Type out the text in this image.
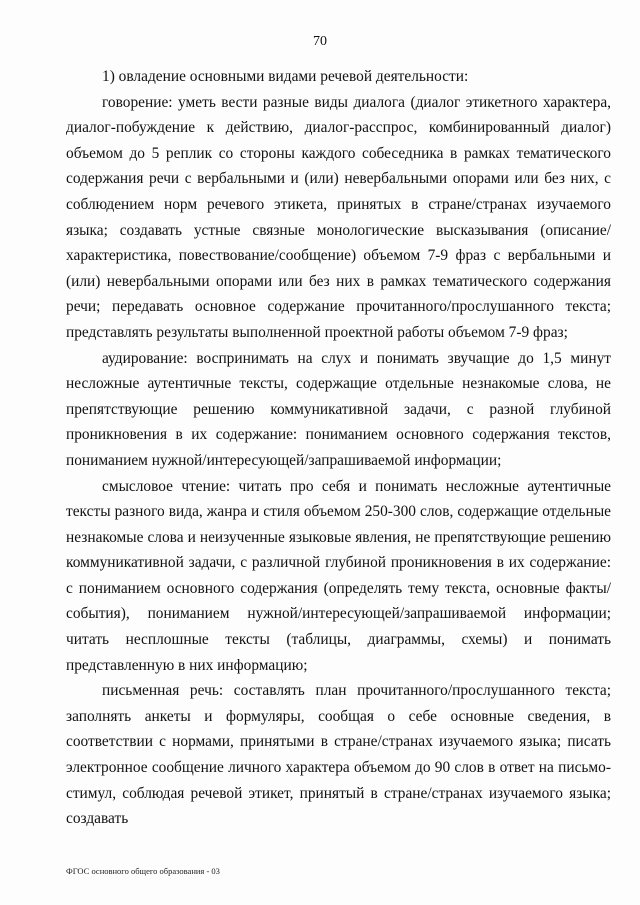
70

1) овладение основными видами речевой деятельности:

говорение: уметь вести разные виды диалога (диалог этикетного характера, диалог-побуждение к действию, диалог-расспрос, комбинированный диалог) объемом до 5 реплик со стороны каждого собеседника в рамках тематического содержания речи с вербальными и (или) невербальными опорами или без них, с соблюдением норм речевого этикета, принятых в стране/странах изучаемого языка; создавать устные связные монологические высказывания (описание/характеристика, повествование/сообщение) объемом 7-9 фраз с вербальными и (или) невербальными опорами или без них в рамках тематического содержания речи; передавать основное содержание прочитанного/прослушанного текста; представлять результаты выполненной проектной работы объемом 7-9 фраз;

аудирование: воспринимать на слух и понимать звучащие до 1,5 минут несложные аутентичные тексты, содержащие отдельные незнакомые слова, не препятствующие решению коммуникативной задачи, с разной глубиной проникновения в их содержание: пониманием основного содержания текстов, пониманием нужной/интересующей/запрашиваемой информации;

смысловое чтение: читать про себя и понимать несложные аутентичные тексты разного вида, жанра и стиля объемом 250-300 слов, содержащие отдельные незнакомые слова и неизученные языковые явления, не препятствующие решению коммуникативной задачи, с различной глубиной проникновения в их содержание: с пониманием основного содержания (определять тему текста, основные факты/события), пониманием нужной/интересующей/запрашиваемой информации; читать несплошные тексты (таблицы, диаграммы, схемы) и понимать представленную в них информацию;

письменная речь: составлять план прочитанного/прослушанного текста; заполнять анкеты и формуляры, сообщая о себе основные сведения, в соответствии с нормами, принятыми в стране/странах изучаемого языка; писать электронное сообщение личного характера объемом до 90 слов в ответ на письмо-стимул, соблюдая речевой этикет, принятый в стране/странах изучаемого языка; создавать

ФГОС основного общего образования - 03
